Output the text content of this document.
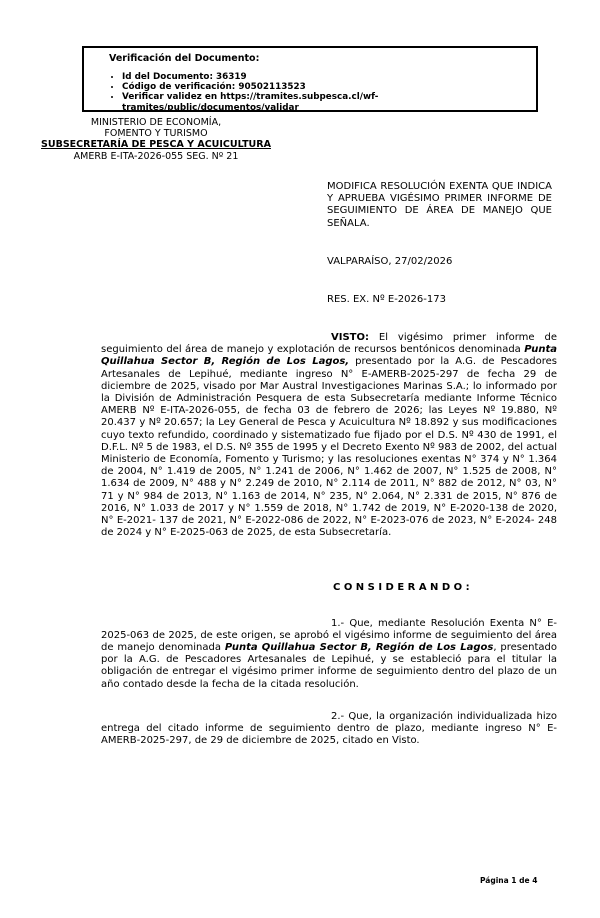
Verificación del Documento:
• Id del Documento: 36319
• Código de verificación: 90502113523
• Verificar validez en https://tramites.subpesca.cl/wf-tramites/public/documentos/validar
MINISTERIO DE ECONOMÍA,
FOMENTO Y TURISMO
SUBSECRETARÍA DE PESCA Y ACUICULTURA
AMERB E-ITA-2026-055 SEG. Nº 21
MODIFICA RESOLUCIÓN EXENTA QUE INDICA Y APRUEBA VIGÉSIMO PRIMER INFORME DE SEGUIMIENTO DE ÁREA DE MANEJO QUE SEÑALA.
VALPARAÍSO, 27/02/2026
RES. EX. Nº E-2026-173

VISTO: El vigésimo primer informe de seguimiento del área de manejo y explotación de recursos bentónicos denominada Punta Quillahua Sector B, Región de Los Lagos, presentado por la A.G. de Pescadores Artesanales de Lepihué, mediante ingreso N° E-AMERB-2025-297 de fecha 29 de diciembre de 2025, visado por Mar Austral Investigaciones Marinas S.A.; lo informado por la División de Administración Pesquera de esta Subsecretaría mediante Informe Técnico AMERB Nº E-ITA-2026-055, de fecha 03 de febrero de 2026; las Leyes Nº 19.880, Nº 20.437 y Nº 20.657; la Ley General de Pesca y Acuicultura Nº 18.892 y sus modificaciones cuyo texto refundido, coordinado y sistematizado fue fijado por el D.S. Nº 430 de 1991, el D.F.L. Nº 5 de 1983, el D.S. Nº 355 de 1995 y el Decreto Exento Nº 983 de 2002, del actual Ministerio de Economía, Fomento y Turismo; y las resoluciones exentas N° 374 y N° 1.364 de 2004, N° 1.419 de 2005, N° 1.241 de 2006, N° 1.462 de 2007, N° 1.525 de 2008, N° 1.634 de 2009, N° 488 y N° 2.249 de 2010, N° 2.114 de 2011, N° 882 de 2012, N° 03, N° 71 y N° 984 de 2013, N° 1.163 de 2014, N° 235, N° 2.064, N° 2.331 de 2015, N° 876 de 2016, N° 1.033 de 2017 y N° 1.559 de 2018, N° 1.742 de 2019, N° E-2020-138 de 2020, N° E-2021- 137 de 2021, N° E-2022-086 de 2022, N° E-2023-076 de 2023, N° E-2024- 248 de 2024 y N° E-2025-063 de 2025, de esta Subsecretaría.

C O N S I D E R A N D O :

1.- Que, mediante Resolución Exenta N° E-2025-063 de 2025, de este origen, se aprobó el vigésimo informe de seguimiento del área de manejo denominada Punta Quillahua Sector B, Región de Los Lagos, presentado por la A.G. de Pescadores Artesanales de Lepihué, y se estableció para el titular la obligación de entregar el vigésimo primer informe de seguimiento dentro del plazo de un año contado desde la fecha de la citada resolución.

2.- Que, la organización individualizada hizo entrega del citado informe de seguimiento dentro de plazo, mediante ingreso N° E-AMERB-2025-297, de 29 de diciembre de 2025, citado en Visto.

Página 1 de 4
